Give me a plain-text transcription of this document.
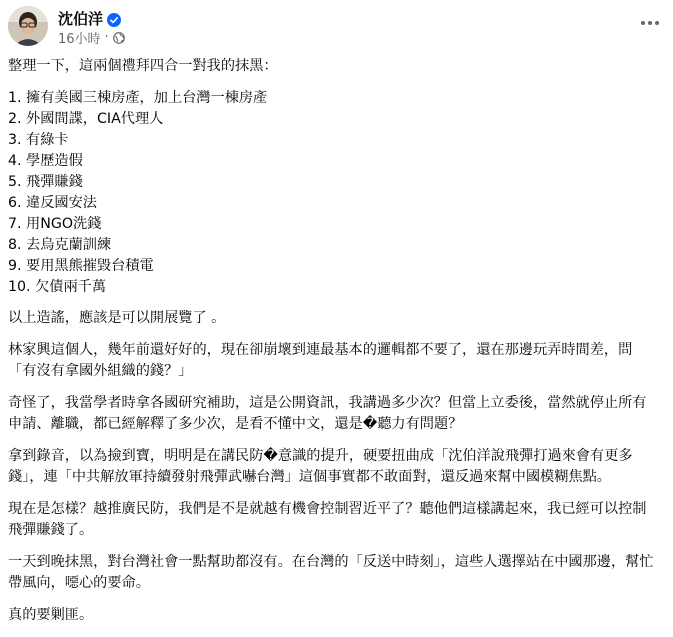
沈伯洋
16小時 ·

整理一下，這兩個禮拜四合一對我的抹黑：

1. 擁有美國三棟房產，加上台灣一棟房產
2. 外國間諜，CIA代理人
3. 有綠卡
4. 學歷造假
5. 飛彈賺錢
6. 違反國安法
7. 用NGO洗錢
8. 去烏克蘭訓練
9. 要用黑熊摧毀台積電
10. 欠債兩千萬

以上造謠，應該是可以開展覽了 。

林家興這個人，幾年前還好好的，現在卻崩壞到連最基本的邏輯都不要了，還在那邊玩弄時間差，問「有沒有拿國外組織的錢？」

奇怪了，我當學者時拿各國研究補助，這是公開資訊，我講過多少次？但當上立委後，當然就停止所有申請、離職，都已經解釋了多少次，是看不懂中文，還是�聽力有問題？

拿到錄音，以為撿到寶，明明是在講民防�意識的提升，硬要扭曲成「沈伯洋說飛彈打過來會有更多錢」，連「中共解放軍持續發射飛彈武嚇台灣」這個事實都不敢面對，還反過來幫中國模糊焦點。

現在是怎樣？越推廣民防，我們是不是就越有機會控制習近平了？聽他們這樣講起來，我已經可以控制飛彈賺錢了。

一天到晚抹黑，對台灣社會一點幫助都沒有。在台灣的「反送中時刻」，這些人選擇站在中國那邊，幫忙帶風向，噁心的要命。

真的要剿匪。
